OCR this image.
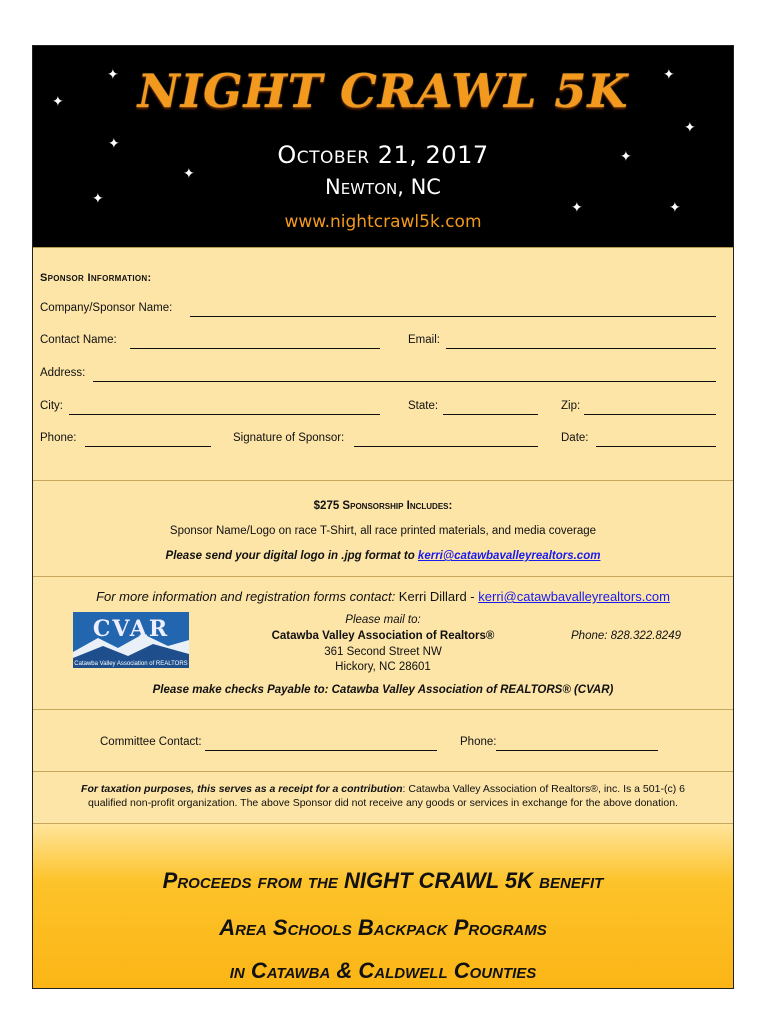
✦
✦
✦
✦
✦
✦
✦
✦
✦	✦
NIGHT CRAWL 5K
October 21, 2017
Newton, NC
www.nightcrawl5k.com
Sponsor Information:
Company/Sponsor Name:
Contact Name:	Email:
Address:
City:	State:	Zip:
Phone:	Signature of Sponsor:	Date:
$275 Sponsorship Includes:
Sponsor Name/Logo on race T-Shirt, all race printed materials, and media coverage
Please send your digital logo in .jpg format to kerri@catawbavalleyrealtors.com
For more information and registration forms contact: Kerri Dillard - kerri@catawbavalleyrealtors.com
CVAR
Catawba Valley Association of REALTORS
Please mail to:
Catawba Valley Association of Realtors®	Phone: 828.322.8249
361 Second Street NW
Hickory, NC 28601
Please make checks Payable to: Catawba Valley Association of REALTORS® (CVAR)
Committee Contact:	Phone:
For taxation purposes, this serves as a receipt for a contribution: Catawba Valley Association of Realtors®, inc. Is a 501-(c) 6
qualified non-profit organization. The above Sponsor did not receive any goods or services in exchange for the above donation.
Proceeds from the NIGHT CRAWL 5K benefit
Area Schools Backpack Programs
in Catawba & Caldwell Counties
